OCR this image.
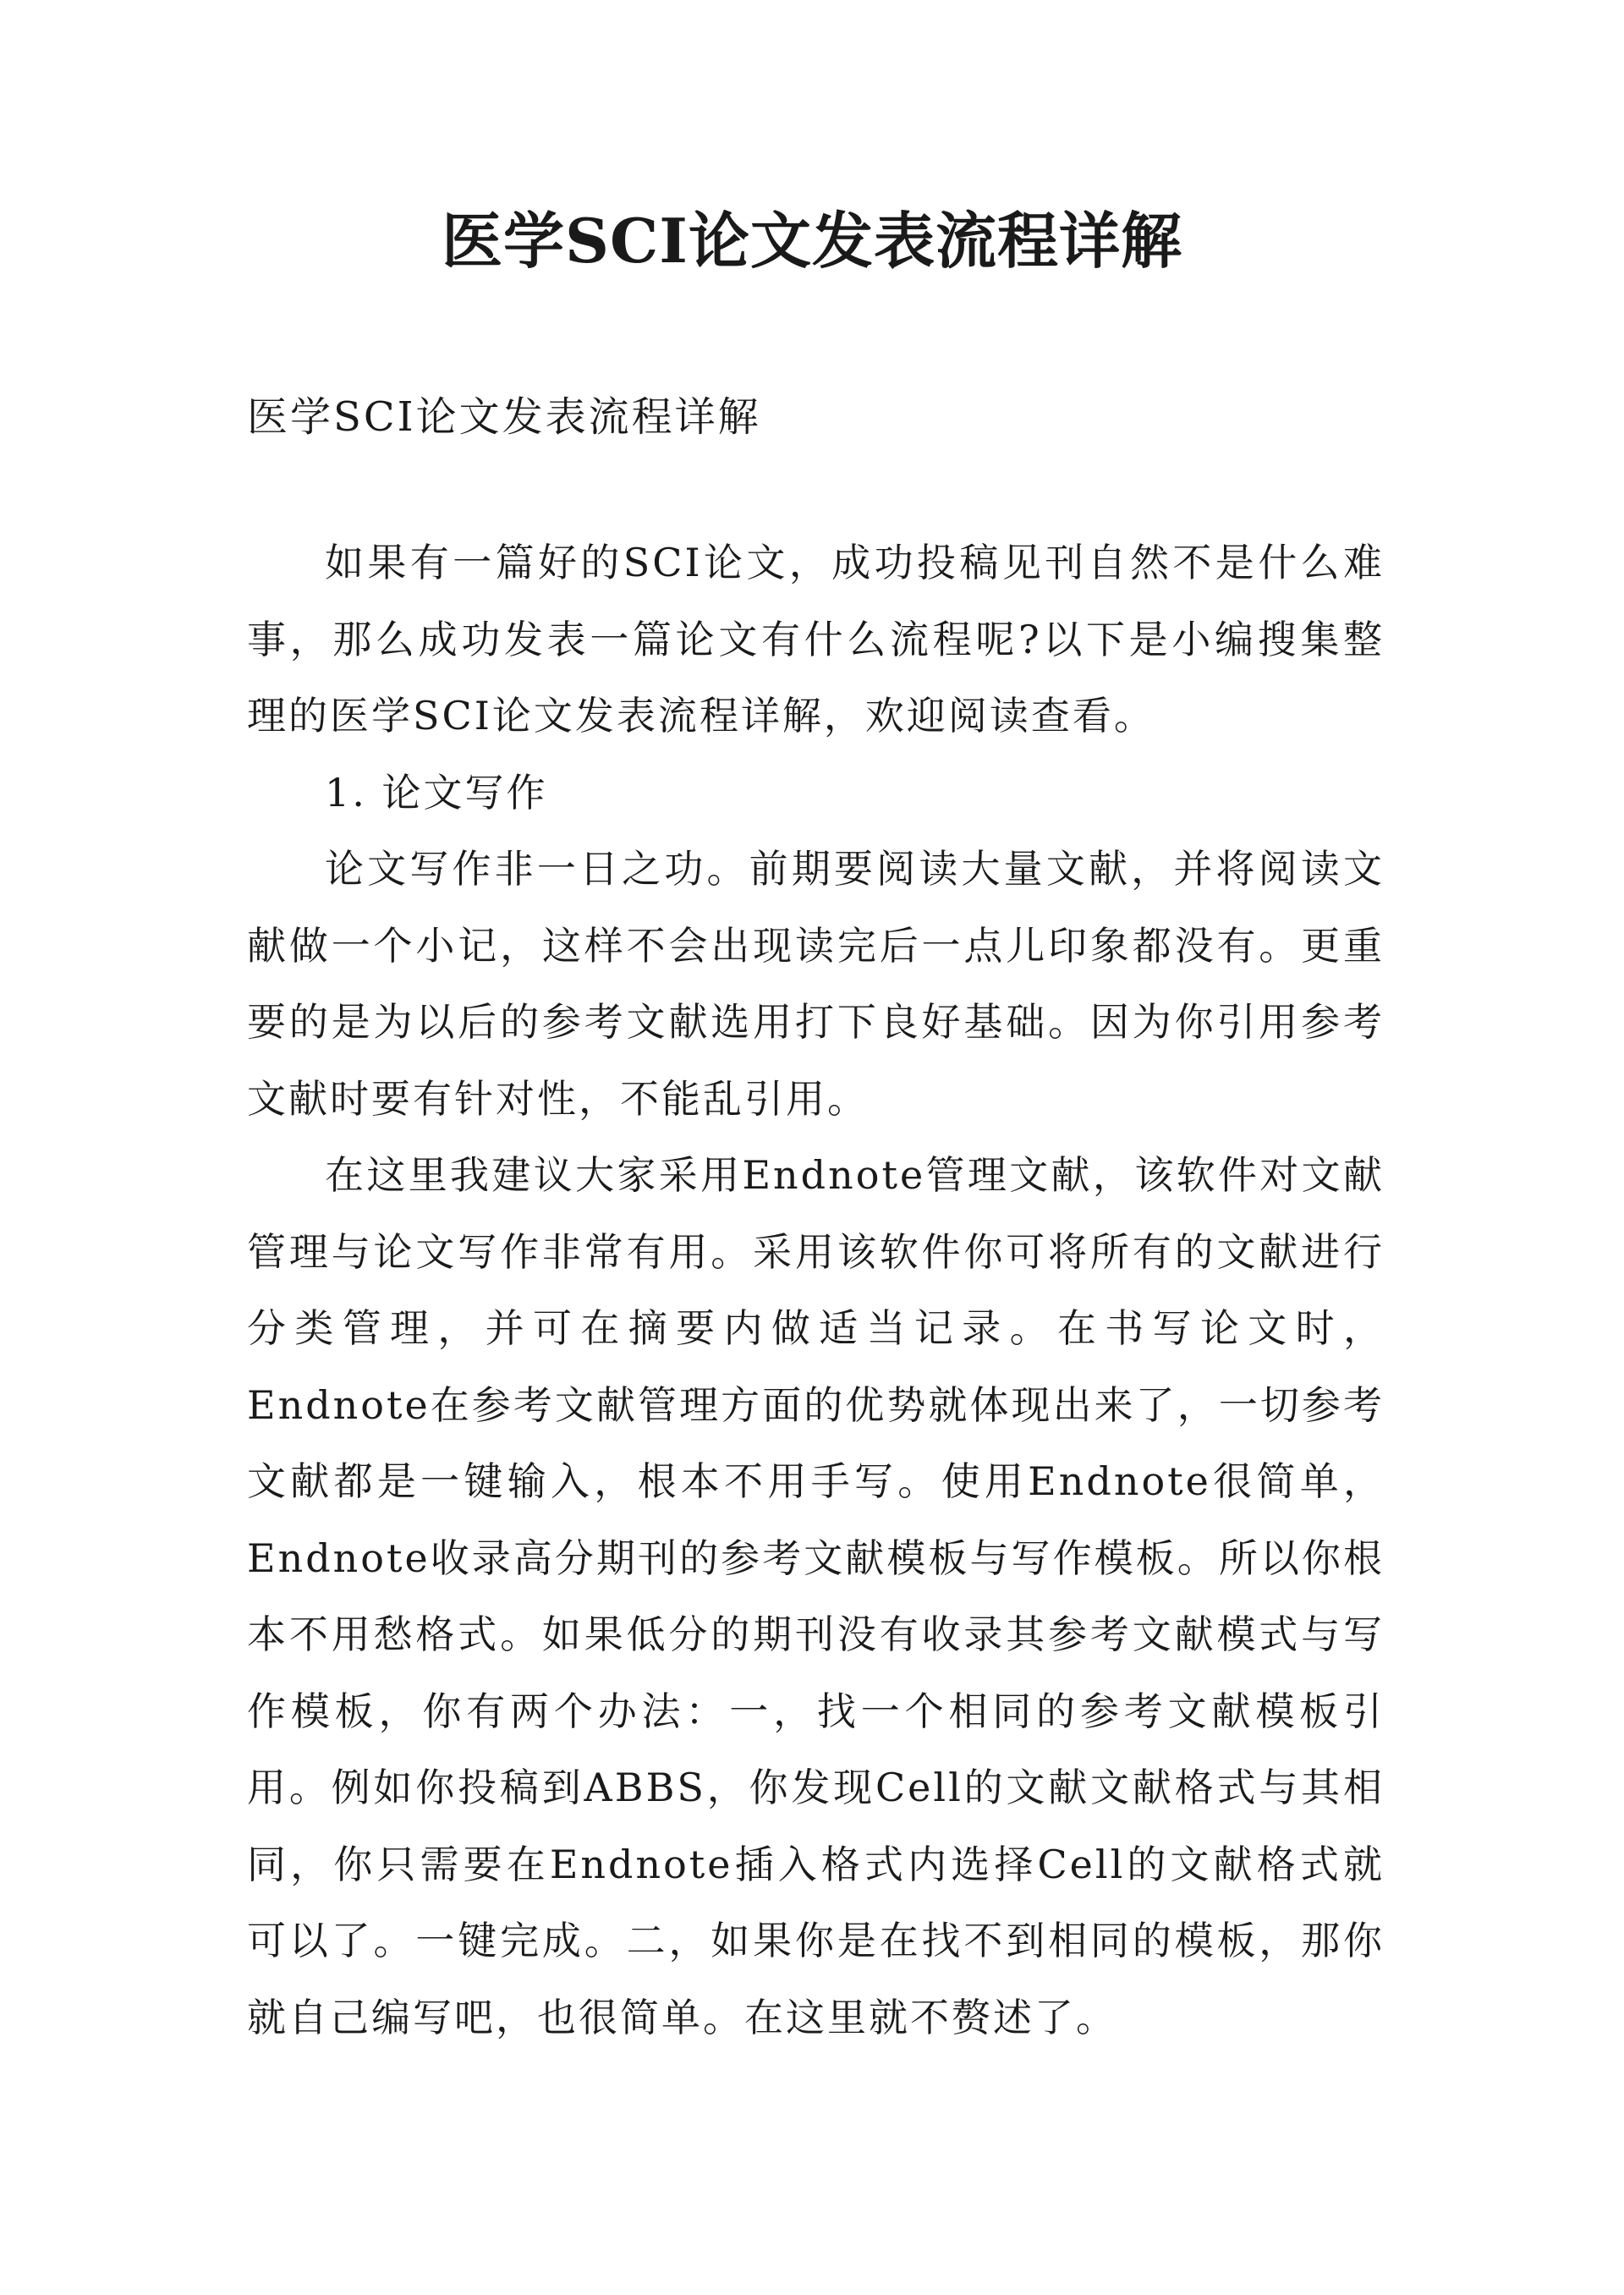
医学SCI论文发表流程详解

医学SCI论文发表流程详解

如果有一篇好的SCI论文，成功投稿见刊自然不是什么难事，那么成功发表一篇论文有什么流程呢?以下是小编搜集整理的医学SCI论文发表流程详解，欢迎阅读查看。

1. 论文写作

论文写作非一日之功。前期要阅读大量文献，并将阅读文献做一个小记，这样不会出现读完后一点儿印象都没有。更重要的是为以后的参考文献选用打下良好基础。因为你引用参考文献时要有针对性，不能乱引用。

在这里我建议大家采用Endnote管理文献，该软件对文献管理与论文写作非常有用。采用该软件你可将所有的文献进行分类管理，并可在摘要内做适当记录。在书写论文时，Endnote在参考文献管理方面的优势就体现出来了，一切参考文献都是一键输入，根本不用手写。使用Endnote很简单，Endnote收录高分期刊的参考文献模板与写作模板。所以你根本不用愁格式。如果低分的期刊没有收录其参考文献模式与写作模板，你有两个办法：一，找一个相同的参考文献模板引用。例如你投稿到ABBS，你发现Cell的文献文献格式与其相同，你只需要在Endnote插入格式内选择Cell的文献格式就可以了。一键完成。二，如果你是在找不到相同的模板，那你就自己编写吧，也很简单。在这里就不赘述了。
